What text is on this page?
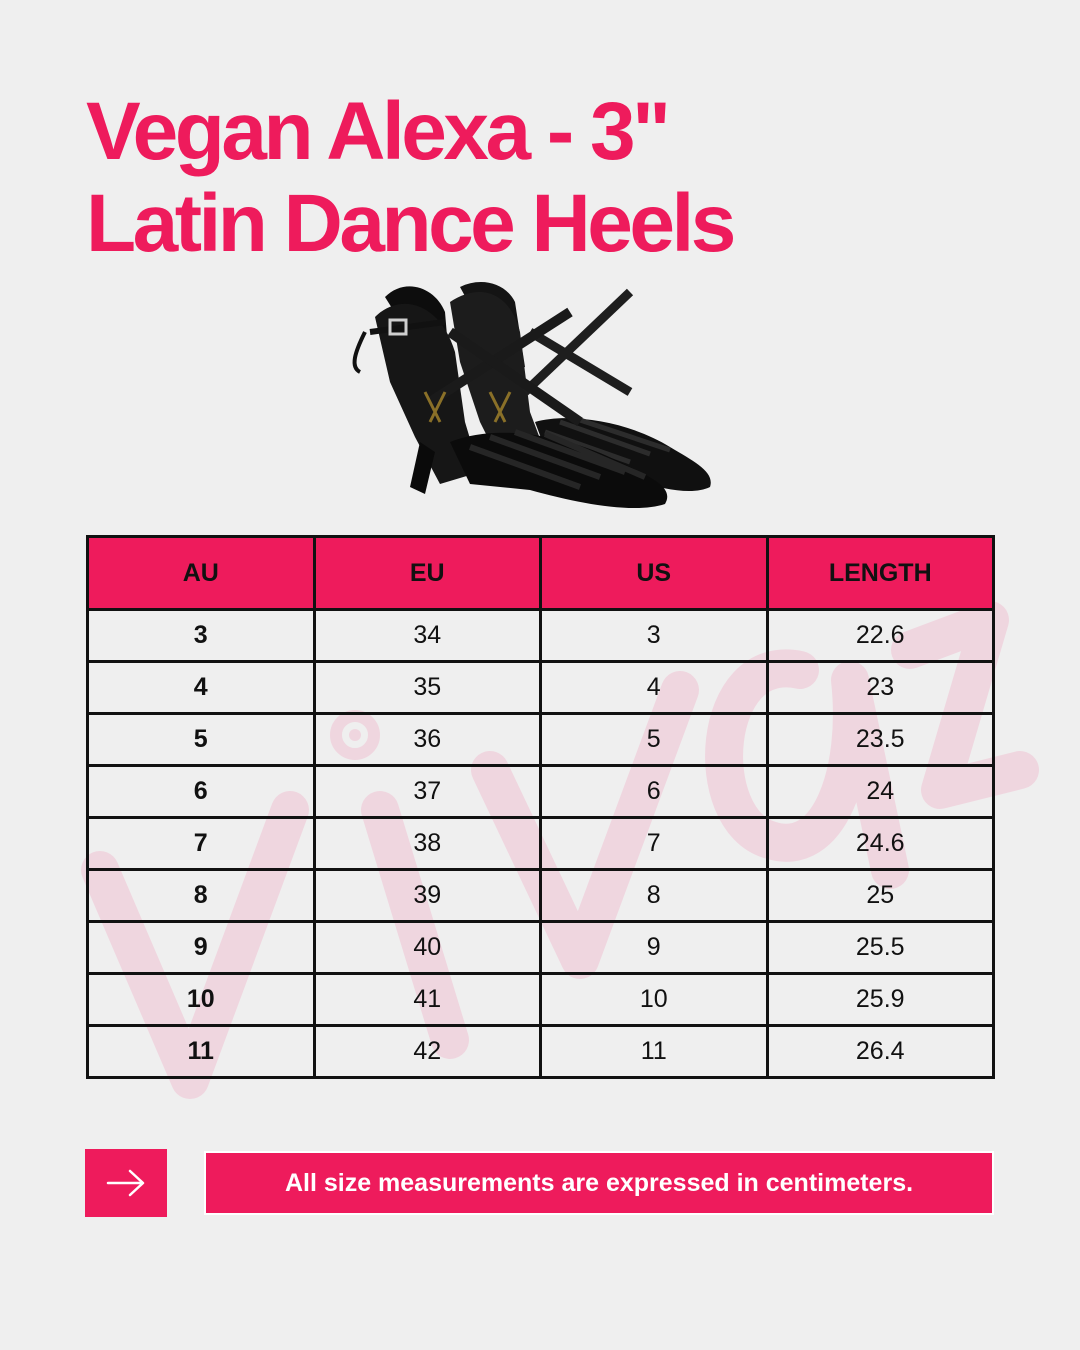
Vegan Alexa - 3"
Latin Dance Heels
AU	EU	US	LENGTH
3	34	3	22.6
4	35	4	23
5	36	5	23.5
6	37	6	24
7	38	7	24.6
8	39	8	25
9	40	9	25.5
10	41	10	25.9
11	42	11	26.4
All size measurements are expressed in centimeters.
